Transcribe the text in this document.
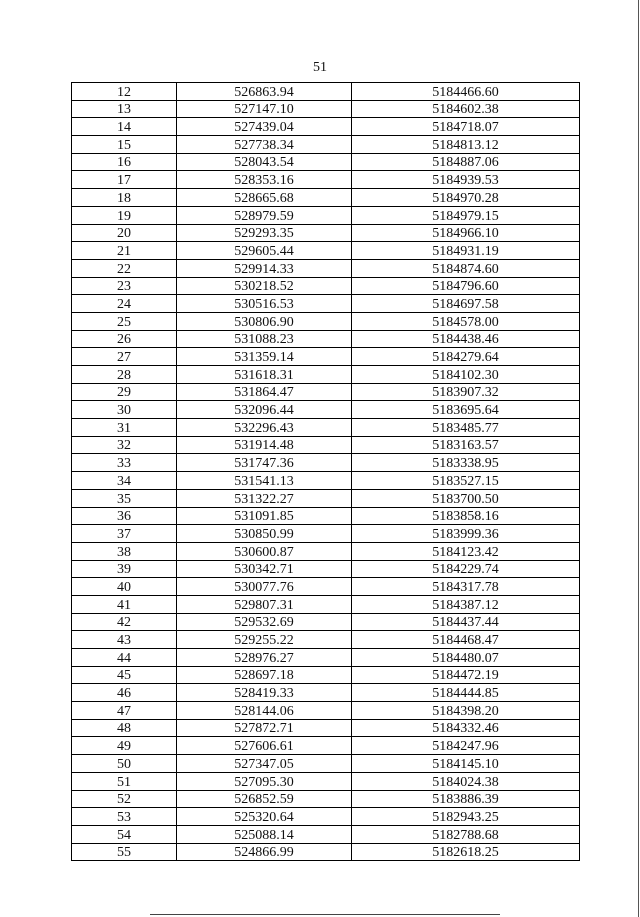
51
12	526863.94	5184466.60
13	527147.10	5184602.38
14	527439.04	5184718.07
15	527738.34	5184813.12
16	528043.54	5184887.06
17	528353.16	5184939.53
18	528665.68	5184970.28
19	528979.59	5184979.15
20	529293.35	5184966.10
21	529605.44	5184931.19
22	529914.33	5184874.60
23	530218.52	5184796.60
24	530516.53	5184697.58
25	530806.90	5184578.00
26	531088.23	5184438.46
27	531359.14	5184279.64
28	531618.31	5184102.30
29	531864.47	5183907.32
30	532096.44	5183695.64
31	532296.43	5183485.77
32	531914.48	5183163.57
33	531747.36	5183338.95
34	531541.13	5183527.15
35	531322.27	5183700.50
36	531091.85	5183858.16
37	530850.99	5183999.36
38	530600.87	5184123.42
39	530342.71	5184229.74
40	530077.76	5184317.78
41	529807.31	5184387.12
42	529532.69	5184437.44
43	529255.22	5184468.47
44	528976.27	5184480.07
45	528697.18	5184472.19
46	528419.33	5184444.85
47	528144.06	5184398.20
48	527872.71	5184332.46
49	527606.61	5184247.96
50	527347.05	5184145.10
51	527095.30	5184024.38
52	526852.59	5183886.39
53	525320.64	5182943.25
54	525088.14	5182788.68
55	524866.99	5182618.25
